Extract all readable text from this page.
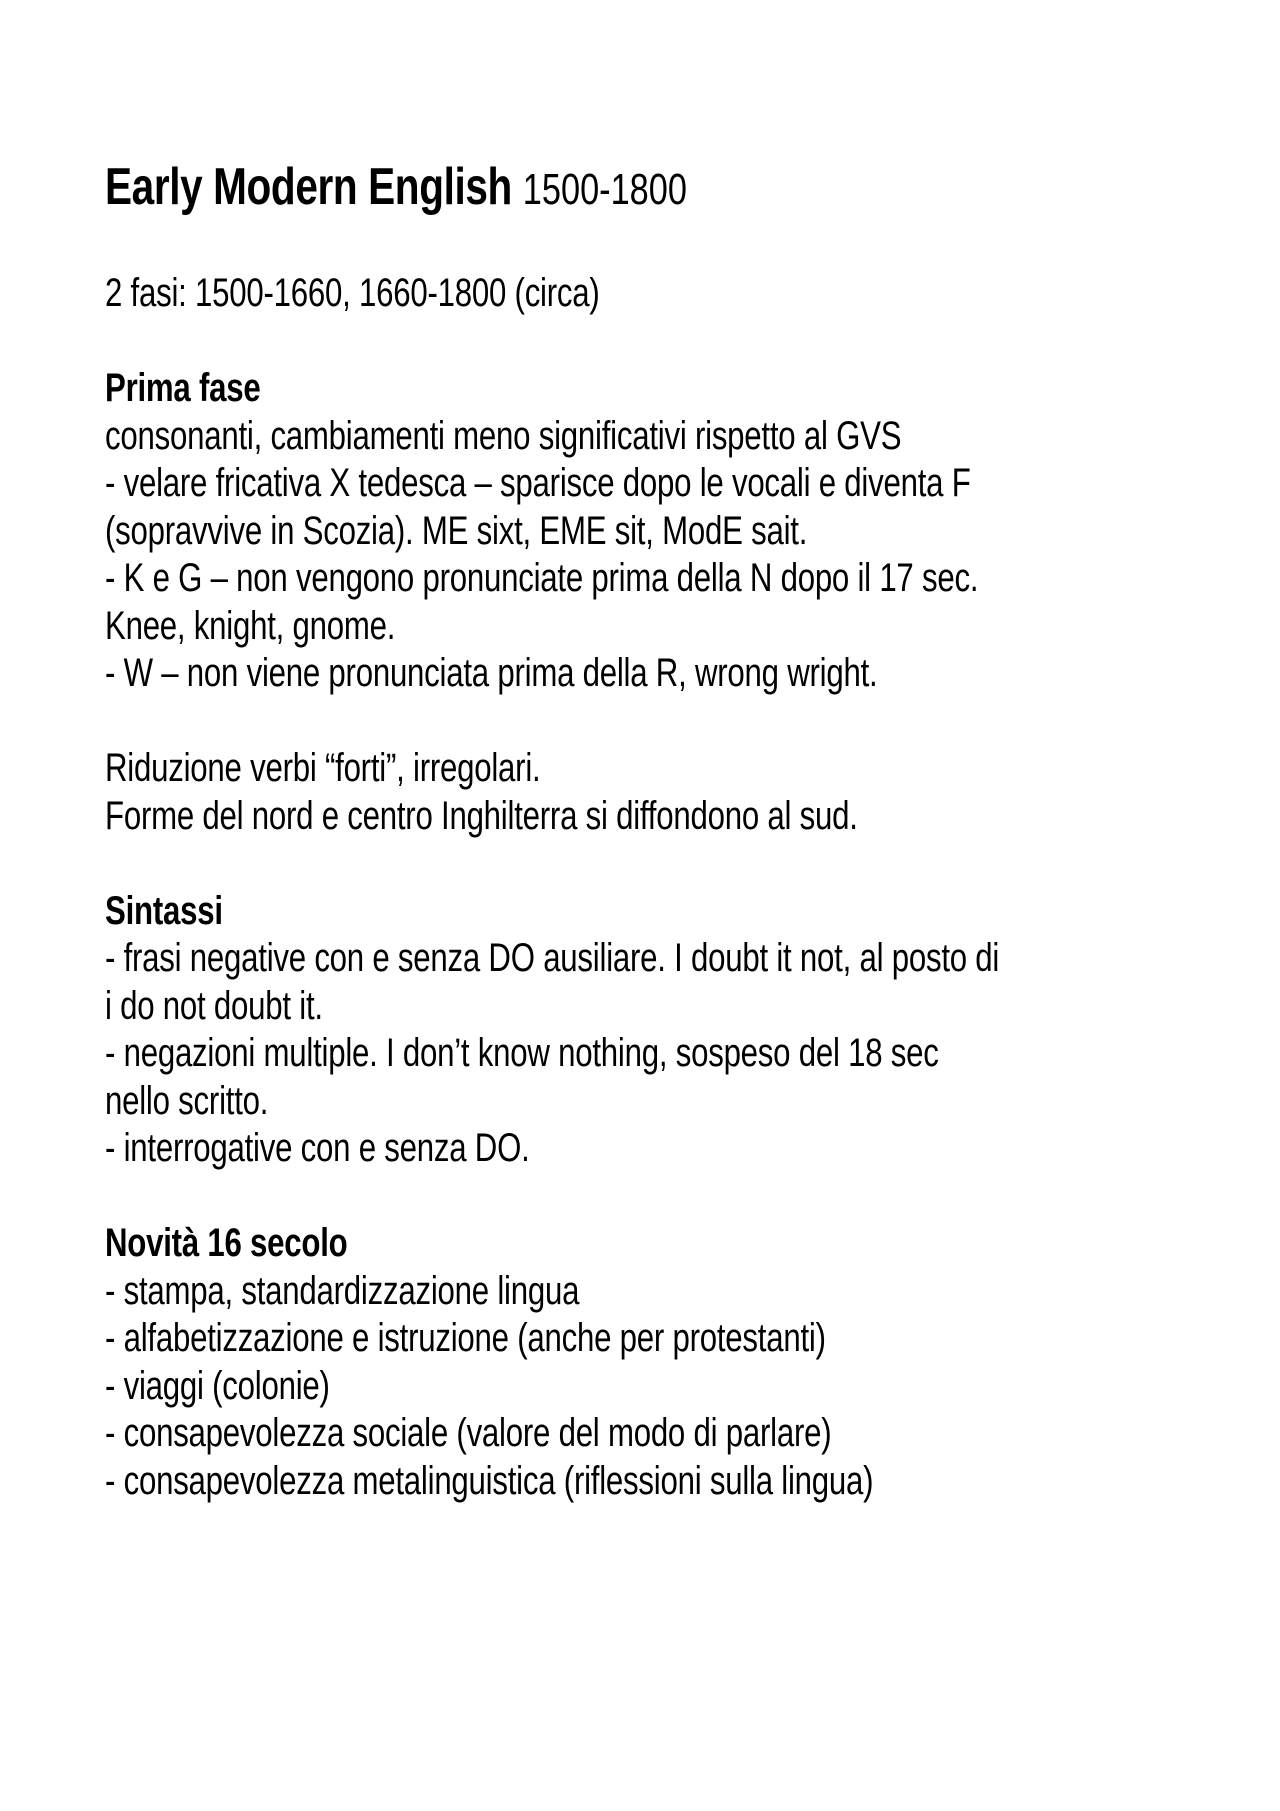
Early Modern English 1500-1800
2 fasi: 1500-1660, 1660-1800 (circa)
Prima fase
consonanti, cambiamenti meno significativi rispetto al GVS
- velare fricativa X tedesca – sparisce dopo le vocali e diventa F
(sopravvive in Scozia). ME sixt, EME sit, ModE sait.
- K e G – non vengono pronunciate prima della N dopo il 17 sec.
Knee, knight, gnome.
- W – non viene pronunciata prima della R, wrong wright.
Riduzione verbi “forti”, irregolari.
Forme del nord e centro Inghilterra si diffondono al sud.
Sintassi
- frasi negative con e senza DO ausiliare. I doubt it not, al posto di
i do not doubt it.
- negazioni multiple. I don’t know nothing, sospeso del 18 sec
nello scritto.
- interrogative con e senza DO.
Novità 16 secolo
- stampa, standardizzazione lingua
- alfabetizzazione e istruzione (anche per protestanti)
- viaggi (colonie)
- consapevolezza sociale (valore del modo di parlare)
- consapevolezza metalinguistica (riflessioni sulla lingua)
